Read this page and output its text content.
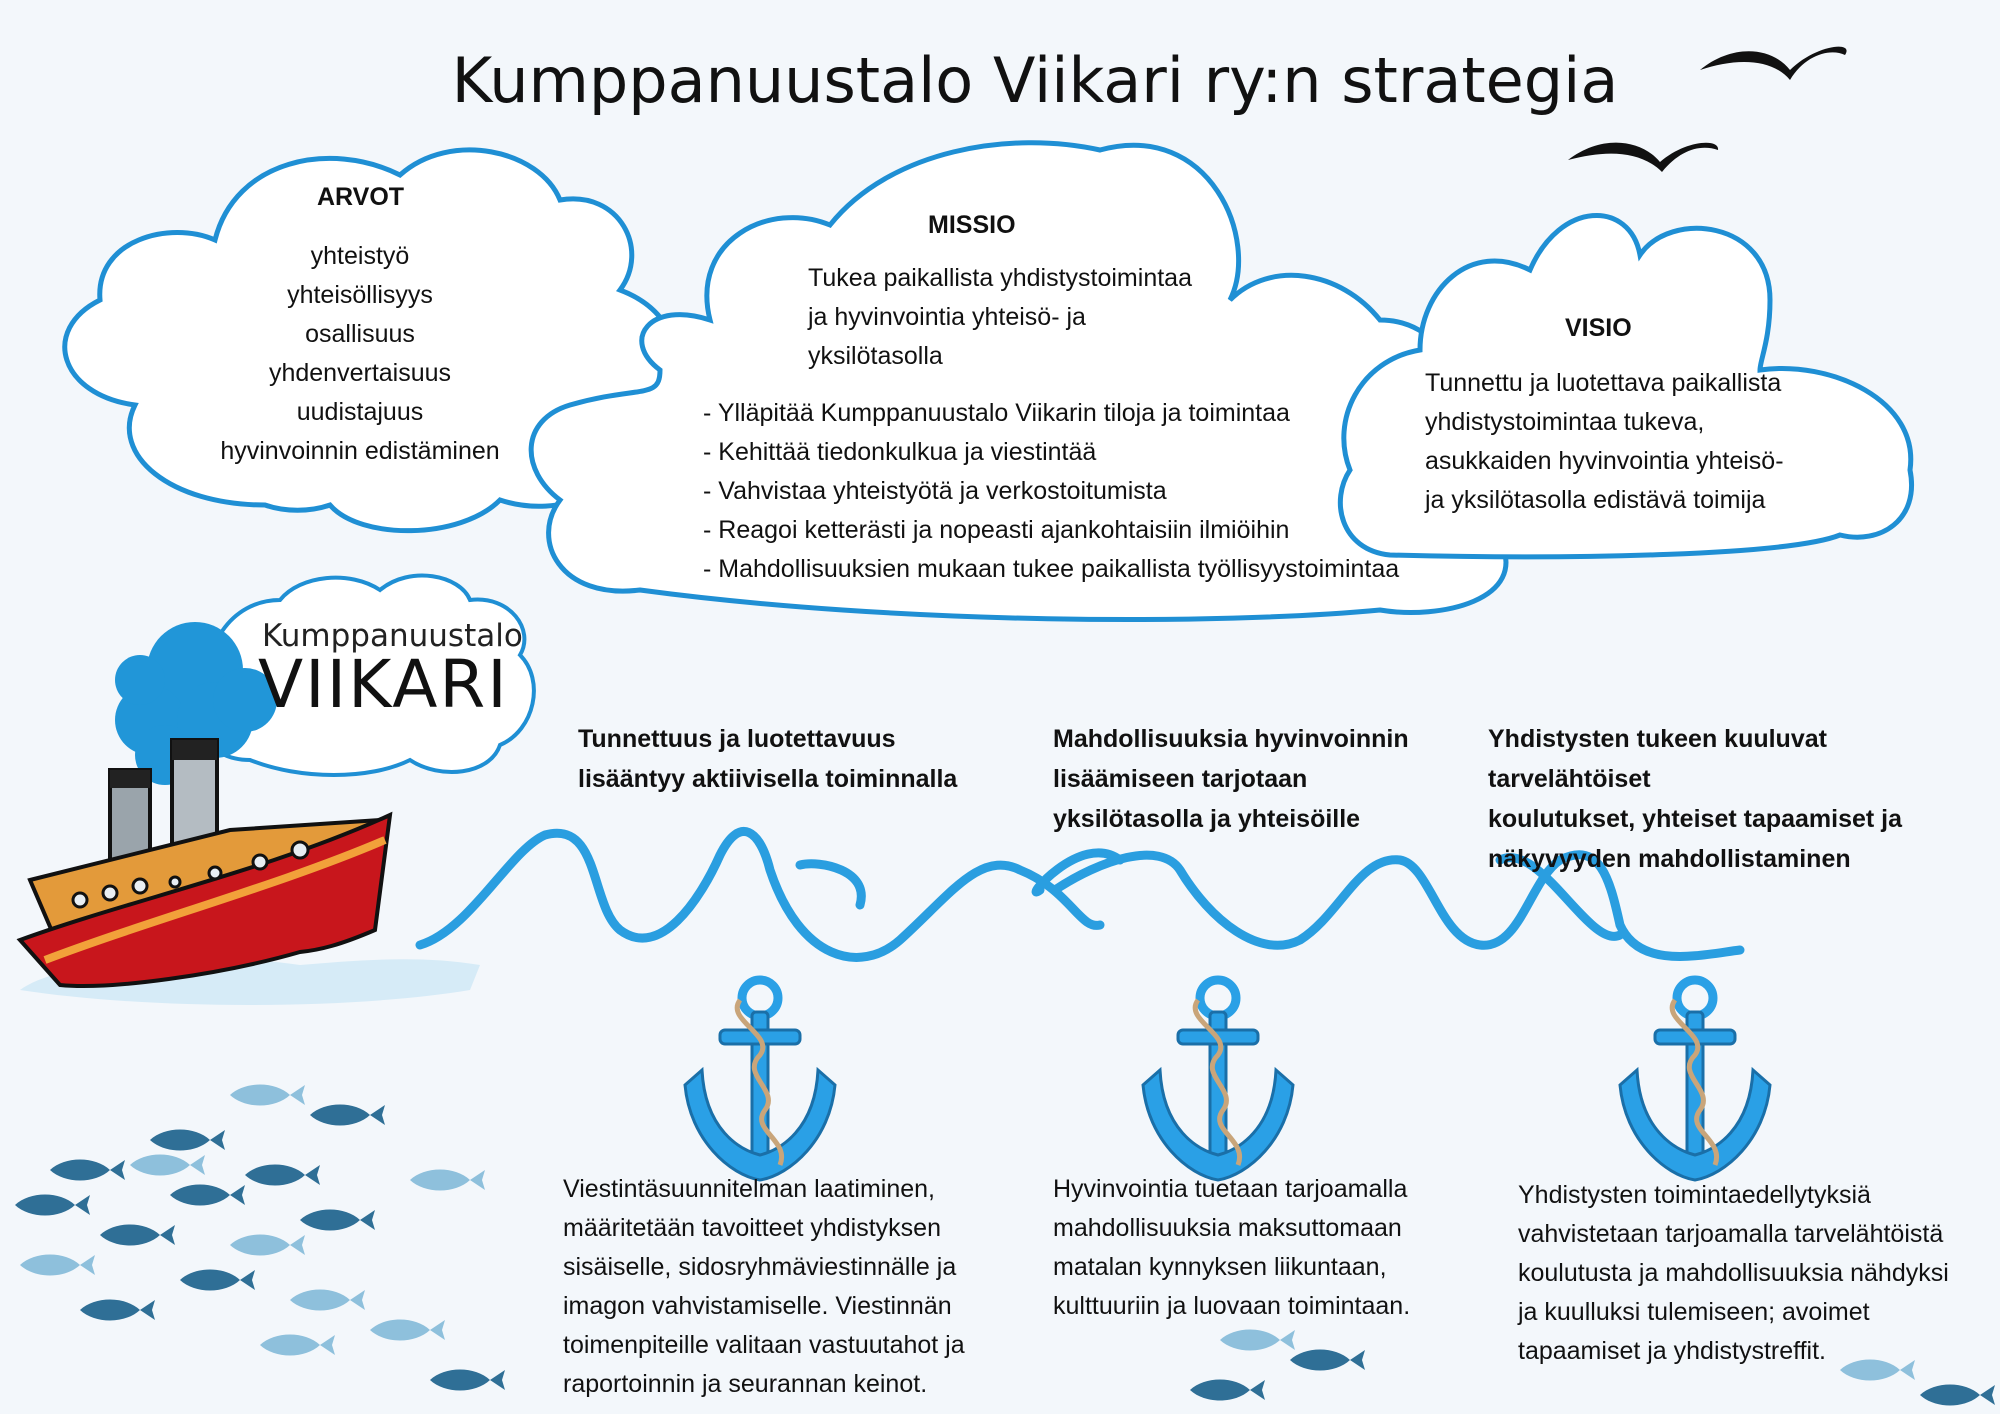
Kumppanuustalo Viikari ry:n strategia
Kumppanuustalo
VIIKARI
ARVOT
yhteistyö
yhteisöllisyys
osallisuus
yhdenvertaisuus
uudistajuus
hyvinvoinnin edistäminen
MISSIO
Tukea paikallista yhdistystoimintaa
ja hyvinvointia yhteisö- ja
yksilötasolla
- Ylläpitää Kumppanuustalo Viikarin tiloja ja toimintaa
- Kehittää tiedonkulkua ja viestintää
- Vahvistaa yhteistyötä ja verkostoitumista
- Reagoi ketterästi ja nopeasti ajankohtaisiin ilmiöihin
- Mahdollisuuksien mukaan tukee paikallista työllisyystoimintaa
VISIO
Tunnettu ja luotettava paikallista
yhdistystoimintaa tukeva,
asukkaiden hyvinvointia yhteisö-
ja yksilötasolla edistävä toimija
Tunnettuus ja luotettavuus
lisääntyy aktiivisella toiminnalla
Mahdollisuuksia hyvinvoinnin
lisäämiseen tarjotaan
yksilötasolla ja yhteisöille
Yhdistysten tukeen kuuluvat tarvelähtöiset
koulutukset, yhteiset tapaamiset ja
näkyvyyden mahdollistaminen
Viestintäsuunnitelman laatiminen,
määritetään tavoitteet yhdistyksen
sisäiselle, sidosryhmäviestinnälle ja
imagon vahvistamiselle. Viestinnän
toimenpiteille valitaan vastuutahot ja
raportoinnin ja seurannan keinot.
Hyvinvointia tuetaan tarjoamalla
mahdollisuuksia maksuttomaan
matalan kynnyksen liikuntaan,
kulttuuriin ja luovaan toimintaan.
Yhdistysten toimintaedellytyksiä
vahvistetaan tarjoamalla tarvelähtöistä
koulutusta ja mahdollisuuksia nähdyksi
ja kuulluksi tulemiseen; avoimet
tapaamiset ja yhdistystreffit.
